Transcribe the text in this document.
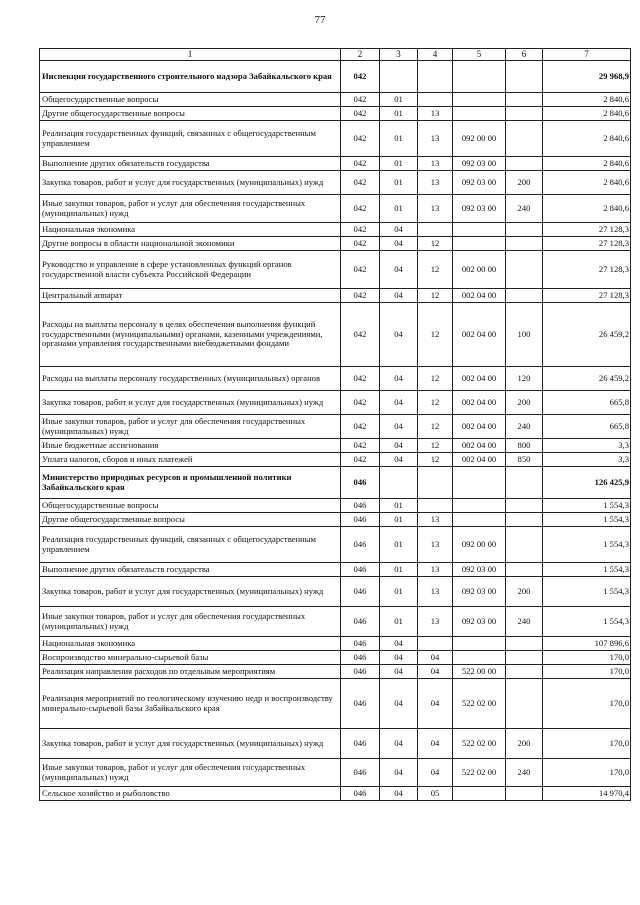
77
1	2	3	4	5	6	7
Инспекция государственного строительного надзора Забайкальского края	042					29 968,9
Общегосударственные вопросы	042	01				2 840,6
Другие общегосударственные вопросы	042	01	13			2 840,6
Реализация государственных функций, связанных с общегосударственным управлением	042	01	13	092 00 00		2 840,6
Выполнение других обязательств государства	042	01	13	092 03 00		2 840,6
Закупка товаров, работ и услуг для государственных (муниципальных) нужд	042	01	13	092 03 00	200	2 840,6
Иные закупки товаров, работ и услуг для обеспечения государственных (муниципальных) нужд	042	01	13	092 03 00	240	2 840,6
Национальная экономика	042	04				27 128,3
Другие вопросы в области национальной экономики	042	04	12			27 128,3
Руководство и управление в сфере установленных функций органов государственной власти субъекта Российской Федерации	042	04	12	002 00 00		27 128,3
Центральный аппарат	042	04	12	002 04 00		27 128,3
Расходы на выплаты персоналу в целях обеспечения выполнения функций государственными (муниципальными) органами, казенными учреждениями, органами управления государственными внебюджетными фондами	042	04	12	002 04 00	100	26 459,2
Расходы на выплаты персоналу государственных (муниципальных) органов	042	04	12	002 04 00	120	26 459,2
Закупка товаров, работ и услуг для государственных (муниципальных) нужд	042	04	12	002 04 00	200	665,8
Иные закупки товаров, работ и услуг для обеспечения государственных (муниципальных) нужд	042	04	12	002 04 00	240	665,8
Иные бюджетные ассигнования	042	04	12	002 04 00	800	3,3
Уплата налогов, сборов и иных платежей	042	04	12	002 04 00	850	3,3
Министерство природных ресурсов и промышленной политики Забайкальского края	046					126 425,9
Общегосударственные вопросы	046	01				1 554,3
Другие общегосударственные вопросы	046	01	13			1 554,3
Реализация государственных функций, связанных с общегосударственным управлением	046	01	13	092 00 00		1 554,3
Выполнение других обязательств государства	046	01	13	092 03 00		1 554,3
Закупка товаров, работ и услуг для государственных (муниципальных) нужд	046	01	13	092 03 00	200	1 554,3
Иные закупки товаров, работ и услуг для обеспечения государственных (муниципальных) нужд	046	01	13	092 03 00	240	1 554,3
Национальная экономика	046	04				107 896,6
Воспроизводство минерально-сырьевой базы	046	04	04			170,0
Реализация направления расходов по отдельным мероприятиям	046	04	04	522 00 00		170,0
Реализация мероприятий по геологическому изучению недр и воспроизводству минерально-сырьевой базы Забайкальского края	046	04	04	522 02 00		170,0
Закупка товаров, работ и услуг для государственных (муниципальных) нужд	046	04	04	522 02 00	200	170,0
Иные закупки товаров, работ и услуг для обеспечения государственных (муниципальных) нужд	046	04	04	522 02 00	240	170,0
Сельское хозяйство и рыболовство	046	04	05			14 970,4
